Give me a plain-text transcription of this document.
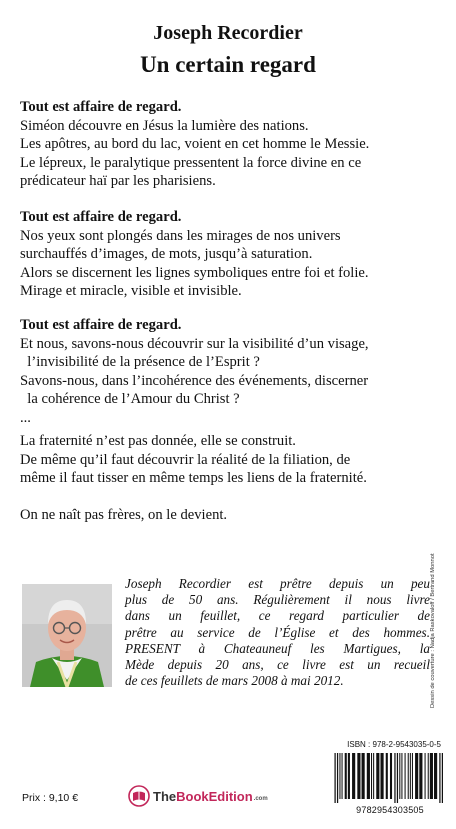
Joseph Recordier
Un certain regard
Tout est affaire de regard.
Siméon découvre en Jésus la lumière des nations.
Les apôtres, au bord du lac, voient en cet homme le Messie.
Le lépreux, le paralytique pressentent la force divine en ce
prédicateur haï par les pharisiens.
Tout est affaire de regard.
Nos yeux sont plongés dans les mirages de nos univers
surchauffés d’images, de mots, jusqu’à saturation.
Alors se discernent les lignes symboliques entre foi et folie.
Mirage et miracle, visible et invisible.
Tout est affaire de regard.
Et nous, savons-nous découvrir sur la visibilité d’un visage,
l’invisibilité de la présence de l’Esprit ?
Savons-nous, dans l’incohérence des événements, discerner
la cohérence de l’Amour du Christ ?
...
La fraternité n’est pas donnée, elle se construit.
De même qu’il faut découvrir la réalité de la filiation, de
même il faut tisser en même temps les liens de la fraternité.
On ne naît pas frères, on le devient.
Joseph Recordier est prêtre depuis un peu
plus de 50 ans. Régulièrement il nous livre
dans un feuillet, ce regard particulier de
prêtre au service de l’Église et des hommes.
PRESENT à Chateauneuf les Martigues, la
Mède depuis 20 ans, ce livre est un recueil
de ces feuillets de mars 2008 à mai 2012.	Dessin de couverture : Nadja Raskovaloff / Bertrand Monnot
ISBN : 978-2-9543035-0-5
9782954303505
Prix : 9,10 €	TheBookEdition .com
